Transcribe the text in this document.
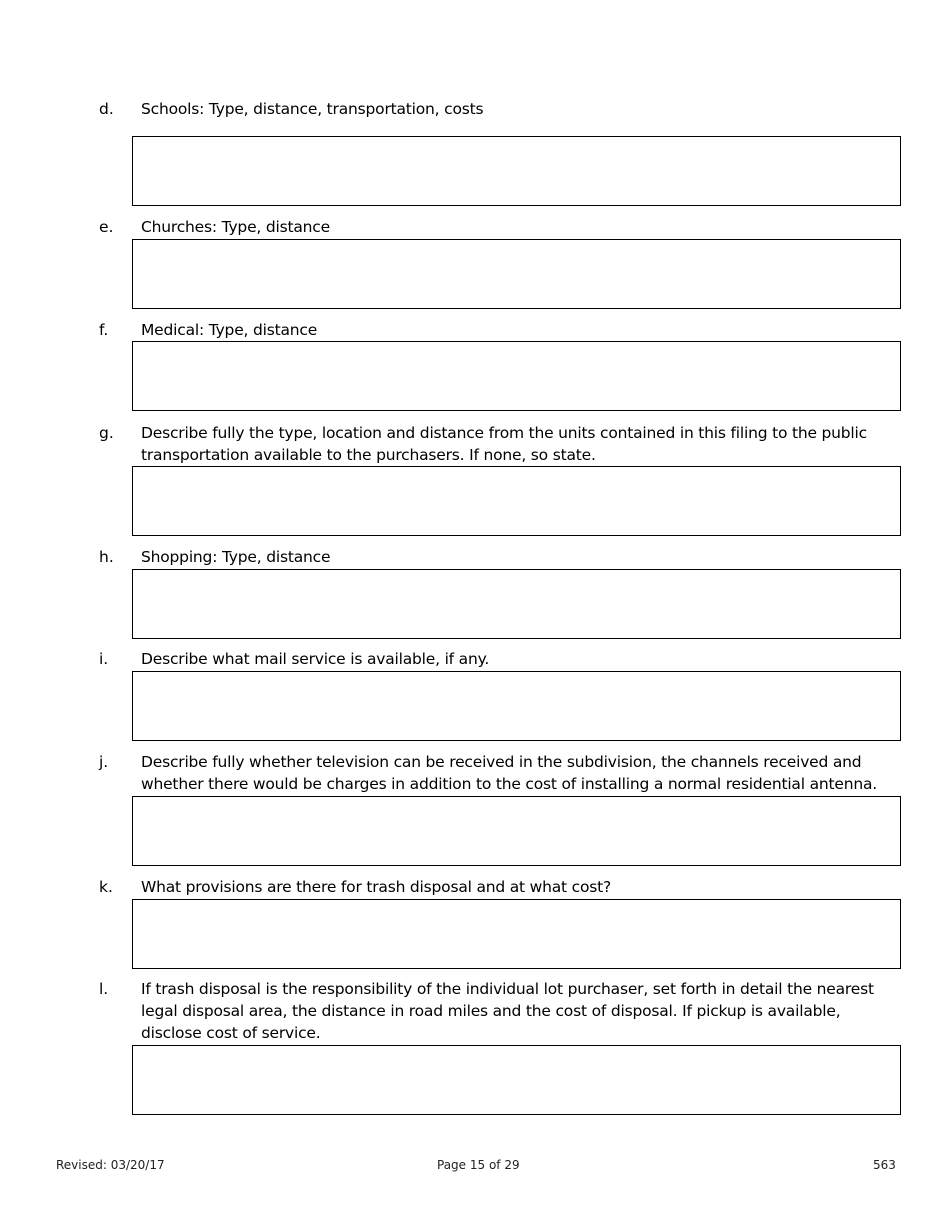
d. Schools: Type, distance, transportation, costs
e. Churches: Type, distance
f. Medical: Type, distance
g. Describe fully the type, location and distance from the units contained in this filing to the public transportation available to the purchasers. If none, so state.
h. Shopping: Type, distance
i. Describe what mail service is available, if any.
j. Describe fully whether television can be received in the subdivision, the channels received and whether there would be charges in addition to the cost of installing a normal residential antenna.
k. What provisions are there for trash disposal and at what cost?
l. If trash disposal is the responsibility of the individual lot purchaser, set forth in detail the nearest legal disposal area, the distance in road miles and the cost of disposal. If pickup is available, disclose cost of service.
Revised: 03/20/17	Page 15 of 29	563
